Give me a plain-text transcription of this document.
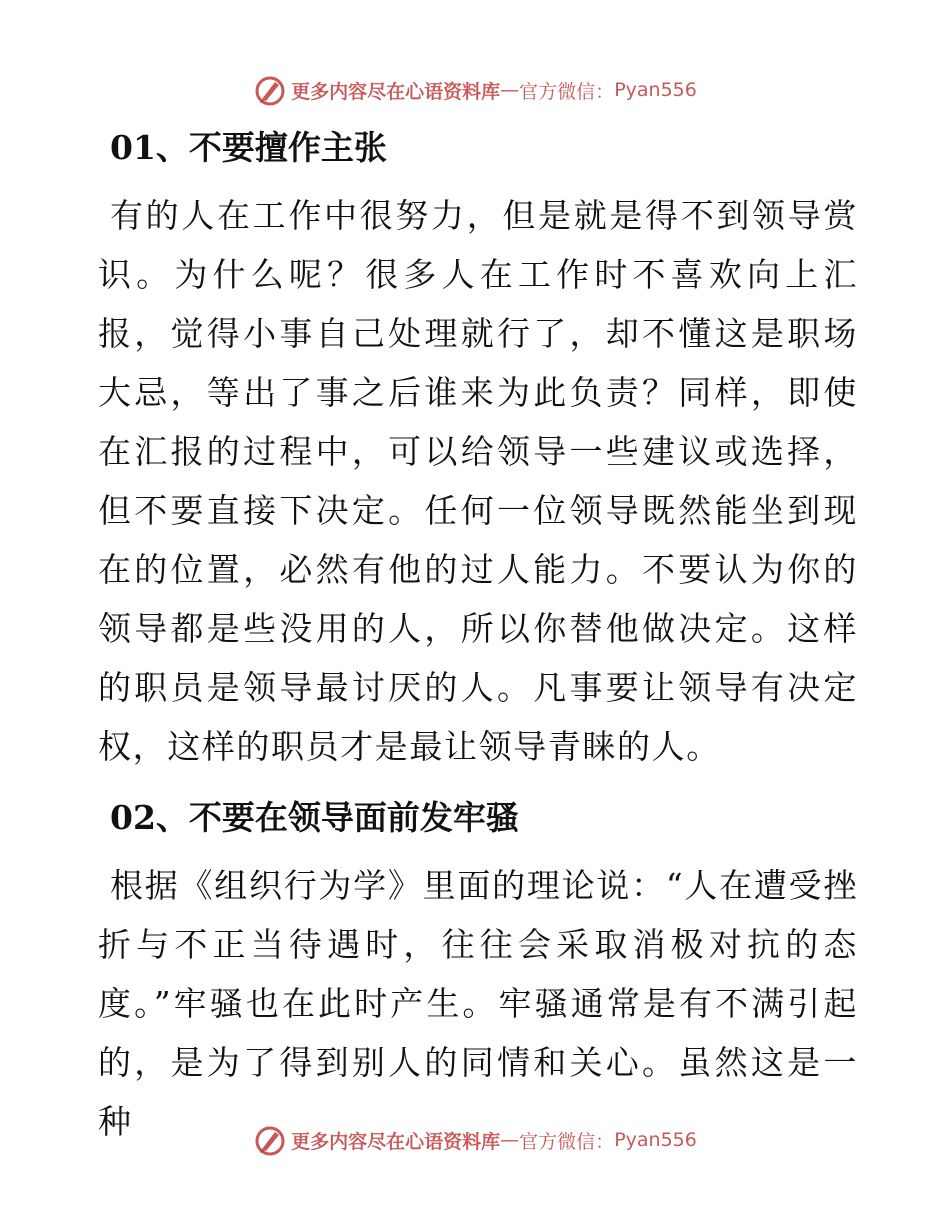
更多内容尽在心语资料库 — 官方微信： Pyan556
01、不要擅作主张

有的人在工作中很努力，但是就是得不到领导赏识。为什么呢？很多人在工作时不喜欢向上汇报，觉得小事自己处理就行了，却不懂这是职场大忌，等出了事之后谁来为此负责？同样，即使在汇报的过程中，可以给领导一些建议或选择，但不要直接下决定。任何一位领导既然能坐到现在的位置，必然有他的过人能力。不要认为你的领导都是些没用的人，所以你替他做决定。这样的职员是领导最讨厌的人。凡事要让领导有决定权，这样的职员才是最让领导青睐的人。

02、不要在领导面前发牢骚

根据《组织行为学》里面的理论说：“人在遭受挫折与不正当待遇时，往往会采取消极对抗的态度。”牢骚也在此时产生。牢骚通常是有不满引起的，是为了得到别人的同情和关心。虽然这是一种

更多内容尽在心语资料库 — 官方微信： Pyan556
